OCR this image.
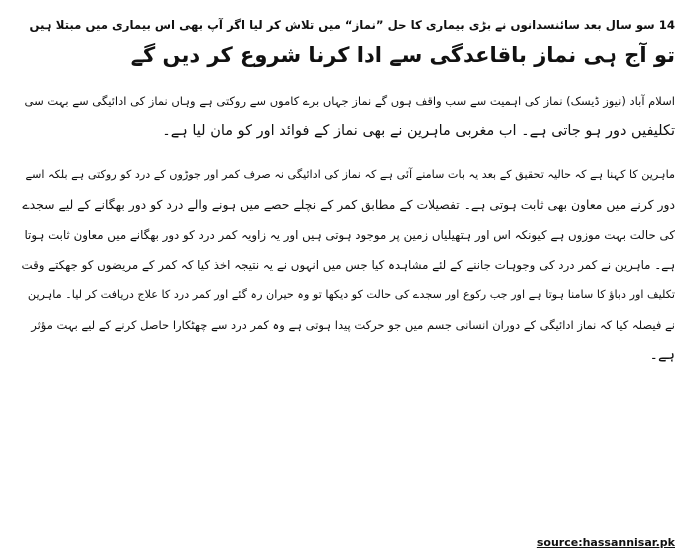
14 سو سال بعد سائنسدانوں نے بڑی بیماری کا حل ”نماز“ میں تلاش کر لیا اگر آپ بھی اس بیماری میں مبتلا ہیں
تو آج ہی نماز باقاعدگی سے ادا کرنا شروع کر دیں گے
اسلام آباد (نیوز ڈیسک) نماز کی اہمیت سے سب واقف ہوں گے نماز جہاں برے کاموں سے روکتی ہے وہاں نماز کی ادائیگی سے بہت سی
تکلیفیں دور ہو جاتی ہے۔ اب مغربی ماہرین نے بھی نماز کے فوائد اور کو مان لیا ہے۔
ماہرین کا کہنا ہے کہ حالیہ تحقیق کے بعد یہ بات سامنے آئی ہے کہ نماز کی ادائیگی نہ صرف کمر اور جوڑوں کے درد کو روکتی ہے بلکہ اسے
دور کرنے میں معاون بھی ثابت ہوتی ہے۔ تفصیلات کے مطابق کمر کے نچلے حصے میں ہونے والے درد کو دور بھگانے کے لیے سجدے
کی حالت بہت موزوں ہے کیونکہ اس اور ہتھیلیاں زمین پر موجود ہوتی ہیں اور یہ زاویہ کمر درد کو دور بھگانے میں معاون ثابت ہوتا
ہے۔ ماہرین نے کمر درد کی وجوہات جاننے کے لئے مشاہدہ کیا جس میں انہوں نے یہ نتیجہ اخذ کیا کہ کمر کے مریضوں کو جھکتے وقت
تکلیف اور دباؤ کا سامنا ہوتا ہے اور جب رکوع اور سجدے کی حالت کو دیکھا تو وہ حیران رہ گئے اور کمر درد کا علاج دریافت کر لیا۔ ماہرین
نے فیصلہ کیا کہ نماز ادائیگی کے دوران انسانی جسم میں جو حرکت پیدا ہوتی ہے وہ کمر درد سے چھٹکارا حاصل کرنے کے لیے بہت مؤثر
ہے۔
source:hassannisar.pk
